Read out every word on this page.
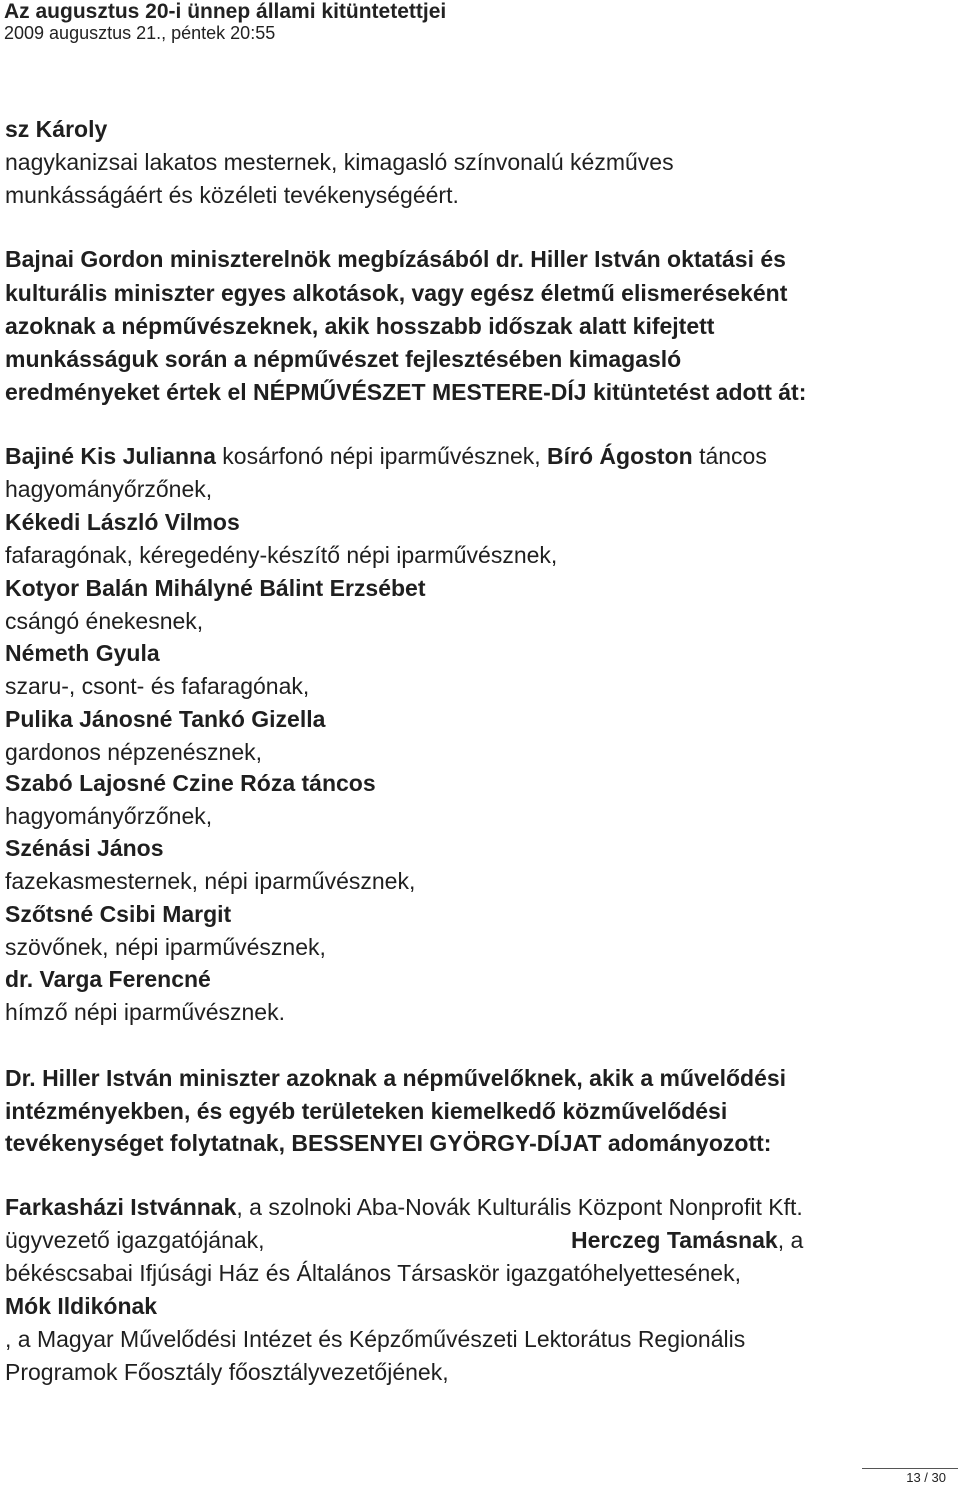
Az augusztus 20-i ünnep állami kitüntetettjei
2009 augusztus 21., péntek 20:55
sz Károly
nagykanizsai lakatos mesternek, kimagasló színvonalú kézműves
munkásságáért és közéleti tevékenységéért.
Bajnai Gordon miniszterelnök megbízásából dr. Hiller István oktatási és
kulturális miniszter egyes alkotások, vagy egész életmű elismeréseként
azoknak a népművészeknek, akik hosszabb időszak alatt kifejtett
munkásságuk során a népművészet fejlesztésében kimagasló
eredményeket értek el NÉPMŰVÉSZET MESTERE-DÍJ kitüntetést adott át:
Bajiné Kis Julianna kosárfonó népi iparművésznek, Bíró Ágoston táncos
hagyományőrzőnek,
Kékedi László Vilmos
fafaragónak, kéregedény-készítő népi iparművésznek,
Kotyor Balán Mihályné Bálint Erzsébet
csángó énekesnek,
Németh Gyula
szaru-, csont- és fafaragónak,
Pulika Jánosné Tankó Gizella
gardonos népzenésznek,
Szabó Lajosné Czine Róza táncos
hagyományőrzőnek,
Szénási János
fazekasmesternek, népi iparművésznek,
Szőtsné Csibi Margit
szövőnek, népi iparművésznek,
dr. Varga Ferencné
hímző népi iparművésznek.
Dr. Hiller István miniszter azoknak a népművelőknek, akik a művelődési
intézményekben, és egyéb területeken kiemelkedő közművelődési
tevékenységet folytatnak, BESSENYEI GYÖRGY-DÍJAT adományozott:
Farkasházi Istvánnak, a szolnoki Aba-Novák Kulturális Központ Nonprofit Kft.
ügyvezető igazgatójának,	Herczeg Tamásnak, a
békéscsabai Ifjúsági Ház és Általános Társaskör igazgatóhelyettesének,
Mók Ildikónak
, a Magyar Művelődési Intézet és Képzőművészeti Lektorátus Regionális
Programok Főosztály főosztályvezetőjének,
13 / 30
